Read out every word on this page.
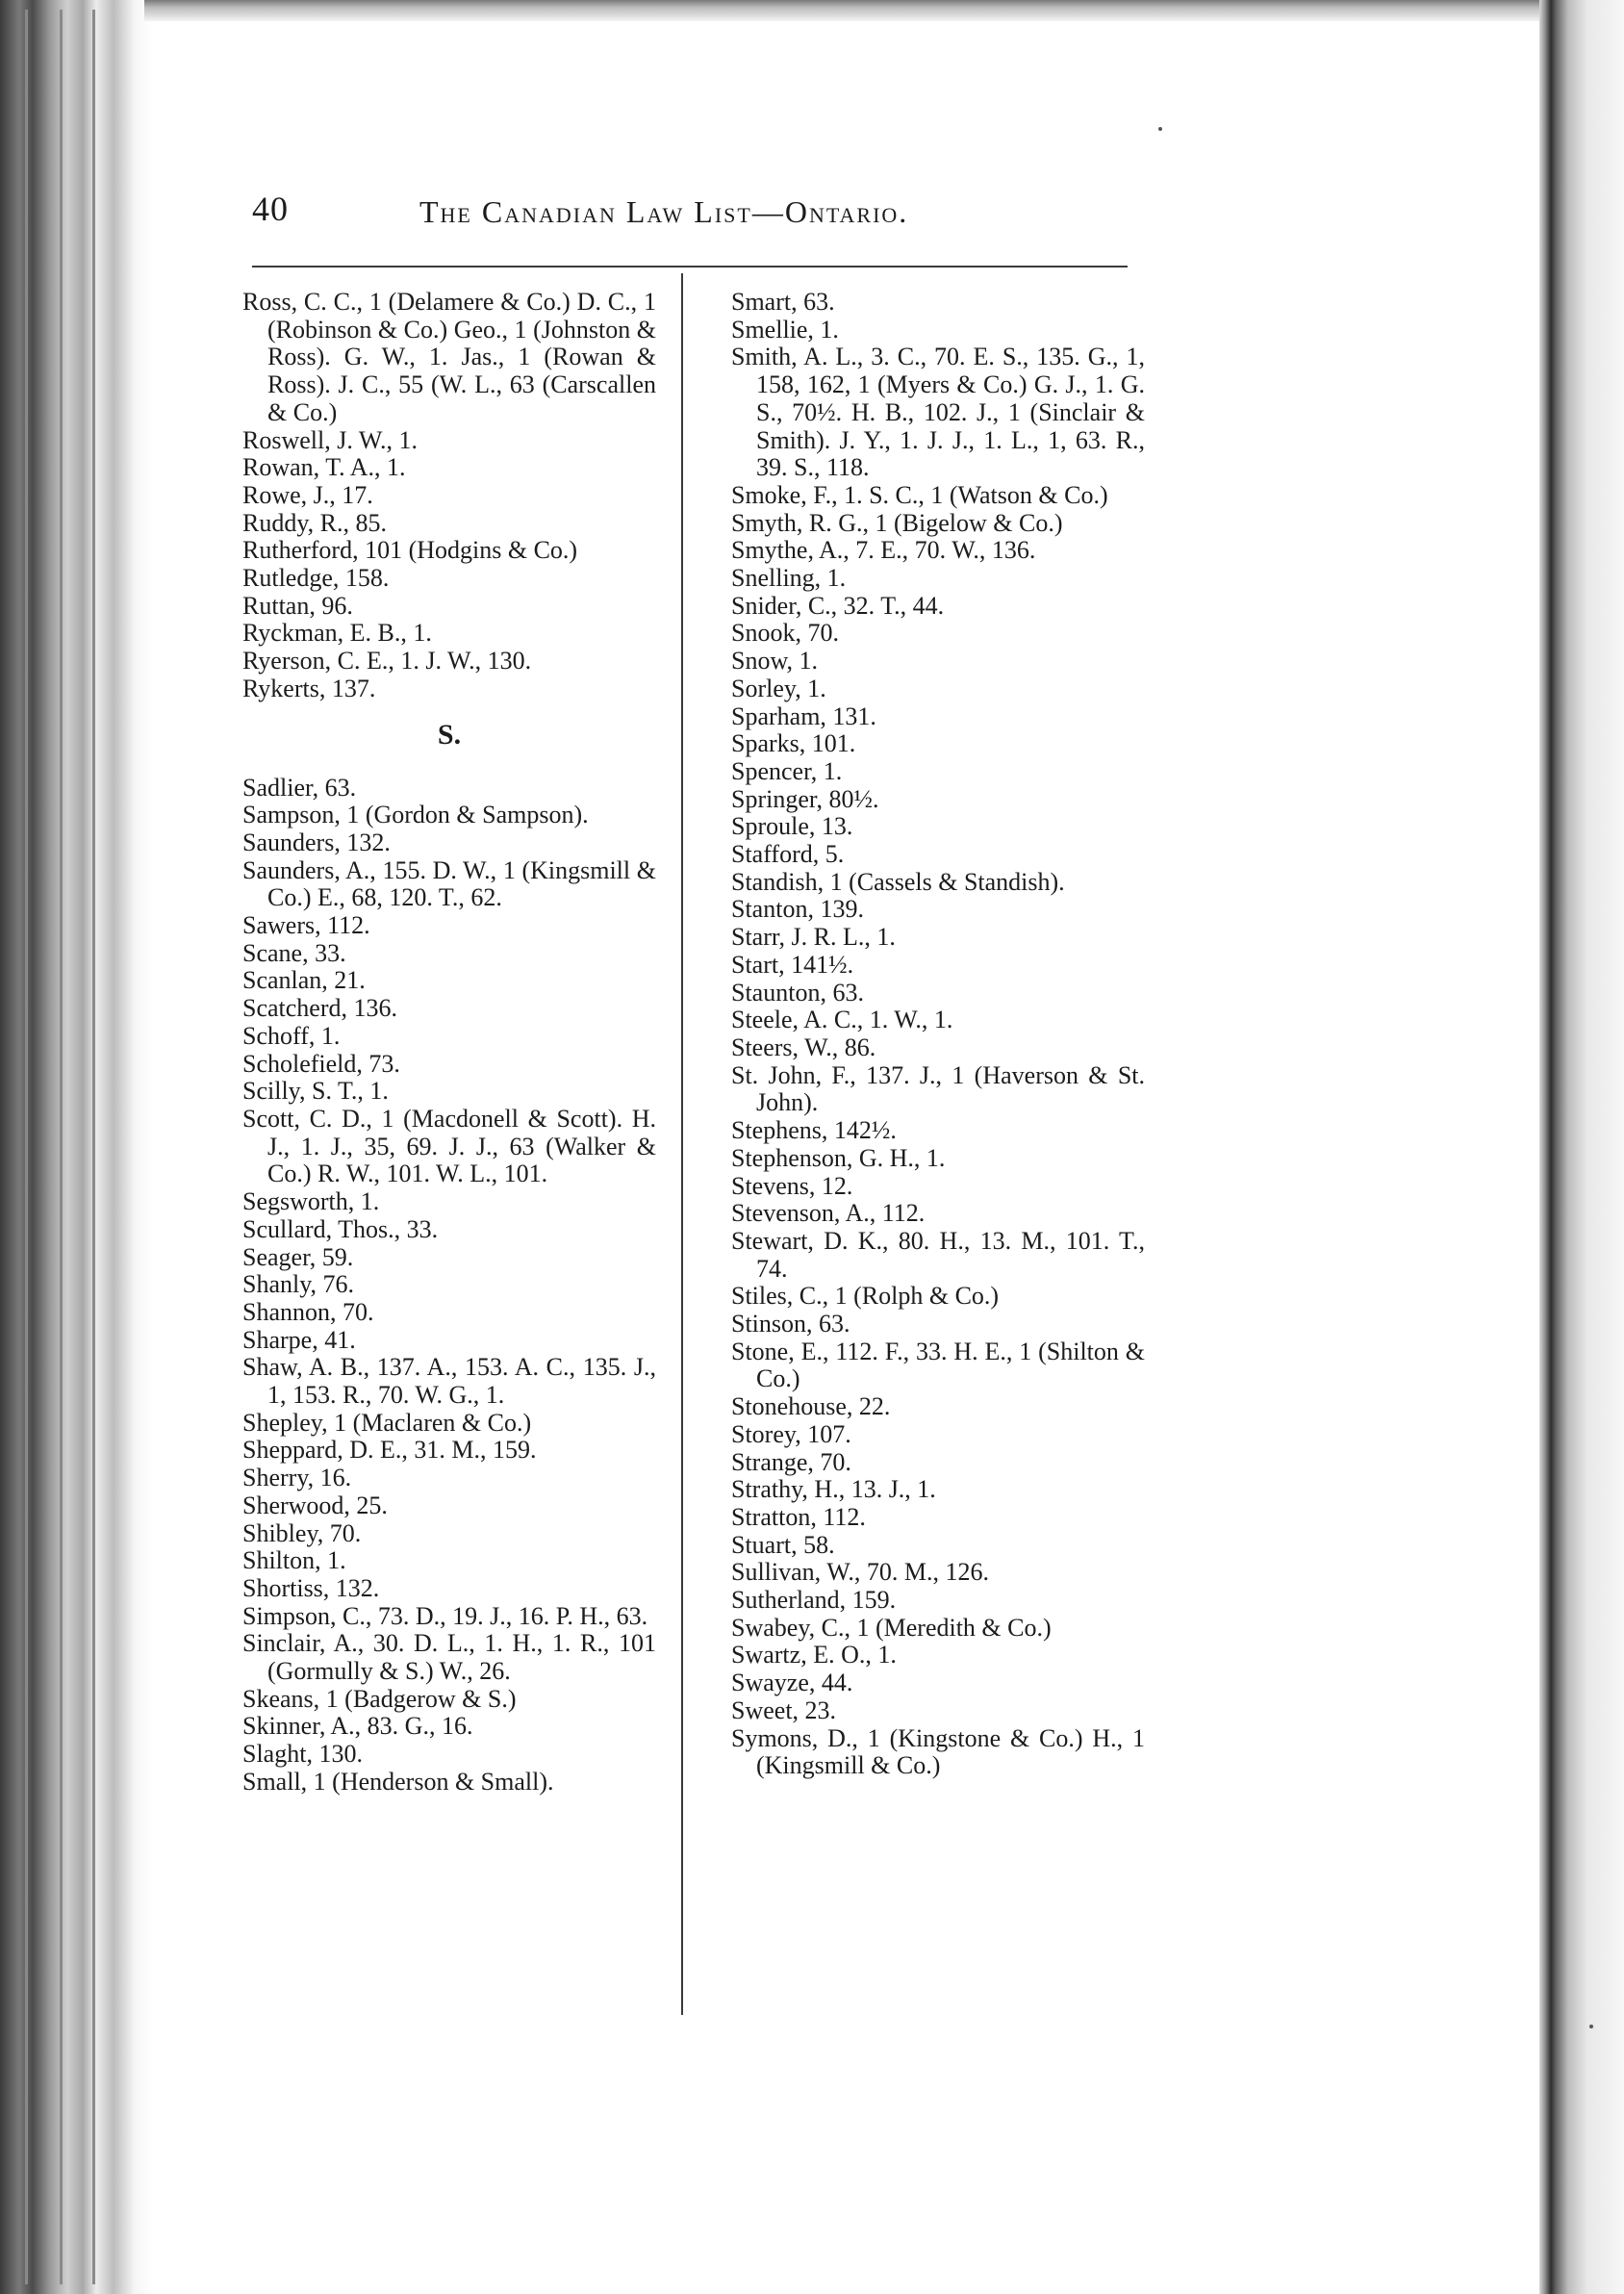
40	The Canadian Law List—Ontario.
Ross, C. C., 1 (Delamere & Co.) D. C., 1 (Robinson & Co.) Geo., 1 (Johnston & Ross). G. W., 1. Jas., 1 (Rowan & Ross). J. C., 55 (W. L., 63 (Carscallen & Co.)
Roswell, J. W., 1.
Rowan, T. A., 1.
Rowe, J., 17.
Ruddy, R., 85.
Rutherford, 101 (Hodgins & Co.)
Rutledge, 158.
Ruttan, 96.
Ryckman, E. B., 1.
Ryerson, C. E., 1. J. W., 130.
Rykerts, 137.
S.
Sadlier, 63.
Sampson, 1 (Gordon & Sampson).
Saunders, 132.
Saunders, A., 155. D. W., 1 (Kingsmill & Co.) E., 68, 120. T., 62.
Sawers, 112.
Scane, 33.
Scanlan, 21.
Scatcherd, 136.
Schoff, 1.
Scholefield, 73.
Scilly, S. T., 1.
Scott, C. D., 1 (Macdonell & Scott). H. J., 1. J., 35, 69. J. J., 63 (Walker & Co.) R. W., 101. W. L., 101.
Segsworth, 1.
Scullard, Thos., 33.
Seager, 59.
Shanly, 76.
Shannon, 70.
Sharpe, 41.
Shaw, A. B., 137. A., 153. A. C., 135. J., 1, 153. R., 70. W. G., 1.
Shepley, 1 (Maclaren & Co.)
Sheppard, D. E., 31. M., 159.
Sherry, 16.
Sherwood, 25.
Shibley, 70.
Shilton, 1.
Shortiss, 132.
Simpson, C., 73. D., 19. J., 16. P. H., 63.
Sinclair, A., 30. D. L., 1. H., 1. R., 101 (Gormully & S.) W., 26.
Skeans, 1 (Badgerow & S.)
Skinner, A., 83. G., 16.
Slaght, 130.
Small, 1 (Henderson & Small).
Smart, 63.
Smellie, 1.
Smith, A. L., 3. C., 70. E. S., 135. G., 1, 158, 162, 1 (Myers & Co.) G. J., 1. G. S., 70½. H. B., 102. J., 1 (Sinclair & Smith). J. Y., 1. J. J., 1. L., 1, 63. R., 39. S., 118.
Smoke, F., 1. S. C., 1 (Watson & Co.)
Smyth, R. G., 1 (Bigelow & Co.)
Smythe, A., 7. E., 70. W., 136.
Snelling, 1.
Snider, C., 32. T., 44.
Snook, 70.
Snow, 1.
Sorley, 1.
Sparham, 131.
Sparks, 101.
Spencer, 1.
Springer, 80½.
Sproule, 13.
Stafford, 5.
Standish, 1 (Cassels & Standish).
Stanton, 139.
Starr, J. R. L., 1.
Start, 141½.
Staunton, 63.
Steele, A. C., 1. W., 1.
Steers, W., 86.
St. John, F., 137. J., 1 (Haverson & St. John).
Stephens, 142½.
Stephenson, G. H., 1.
Stevens, 12.
Stevenson, A., 112.
Stewart, D. K., 80. H., 13. M., 101. T., 74.
Stiles, C., 1 (Rolph & Co.)
Stinson, 63.
Stone, E., 112. F., 33. H. E., 1 (Shilton & Co.)
Stonehouse, 22.
Storey, 107.
Strange, 70.
Strathy, H., 13. J., 1.
Stratton, 112.
Stuart, 58.
Sullivan, W., 70. M., 126.
Sutherland, 159.
Swabey, C., 1 (Meredith & Co.)
Swartz, E. O., 1.
Swayze, 44.
Sweet, 23.
Symons, D., 1 (Kingstone & Co.) H., 1 (Kingsmill & Co.)
